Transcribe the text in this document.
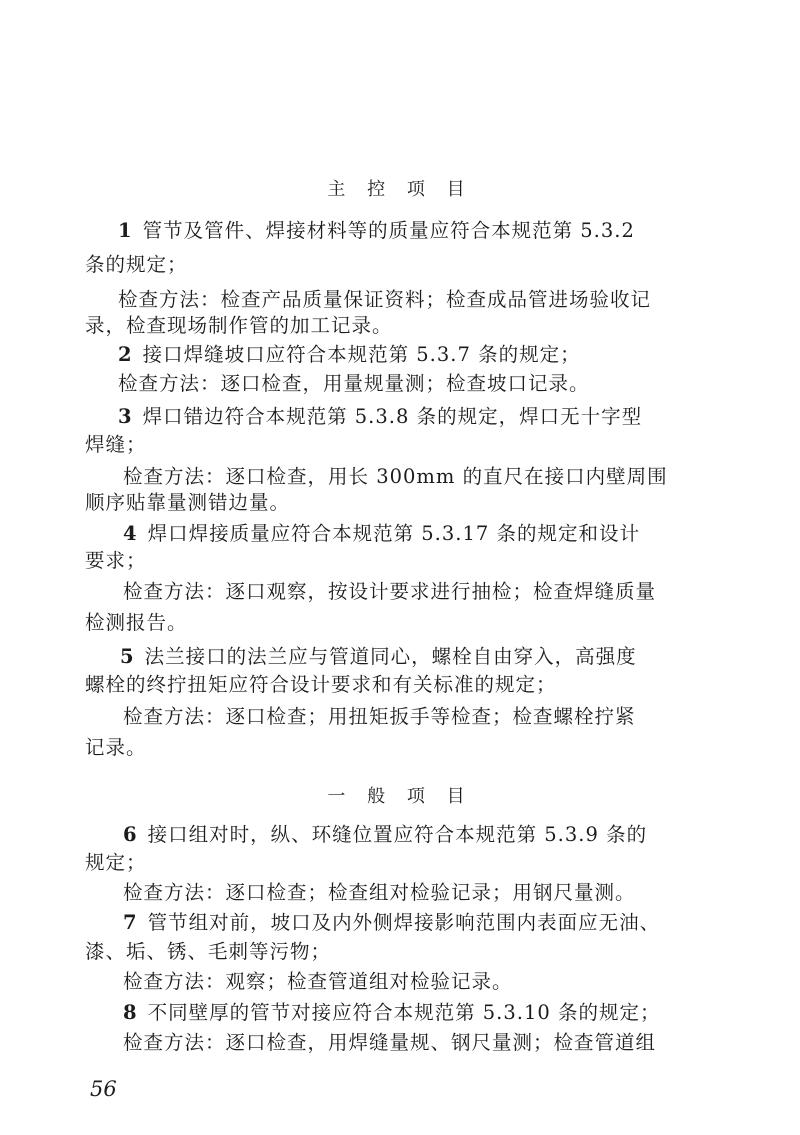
主 控 项 目
1 管节及管件、焊接材料等的质量应符合本规范第 5.3.2
条的规定；
检查方法：检查产品质量保证资料；检查成品管进场验收记
录，检查现场制作管的加工记录。
2 接口焊缝坡口应符合本规范第 5.3.7 条的规定；
检查方法：逐口检查，用量规量测；检查坡口记录。
3 焊口错边符合本规范第 5.3.8 条的规定，焊口无十字型
焊缝；
检查方法：逐口检查，用长 300mm 的直尺在接口内壁周围
顺序贴靠量测错边量。
4 焊口焊接质量应符合本规范第 5.3.17 条的规定和设计
要求；
检查方法：逐口观察，按设计要求进行抽检；检查焊缝质量
检测报告。
5 法兰接口的法兰应与管道同心，螺栓自由穿入，高强度
螺栓的终拧扭矩应符合设计要求和有关标准的规定；
检查方法：逐口检查；用扭矩扳手等检查；检查螺栓拧紧
记录。
一 般 项 目
6 接口组对时，纵、环缝位置应符合本规范第 5.3.9 条的
规定；
检查方法：逐口检查；检查组对检验记录；用钢尺量测。
7 管节组对前，坡口及内外侧焊接影响范围内表面应无油、
漆、垢、锈、毛刺等污物；
检查方法：观察；检查管道组对检验记录。
8 不同壁厚的管节对接应符合本规范第 5.3.10 条的规定；
检查方法：逐口检查，用焊缝量规、钢尺量测；检查管道组
56
